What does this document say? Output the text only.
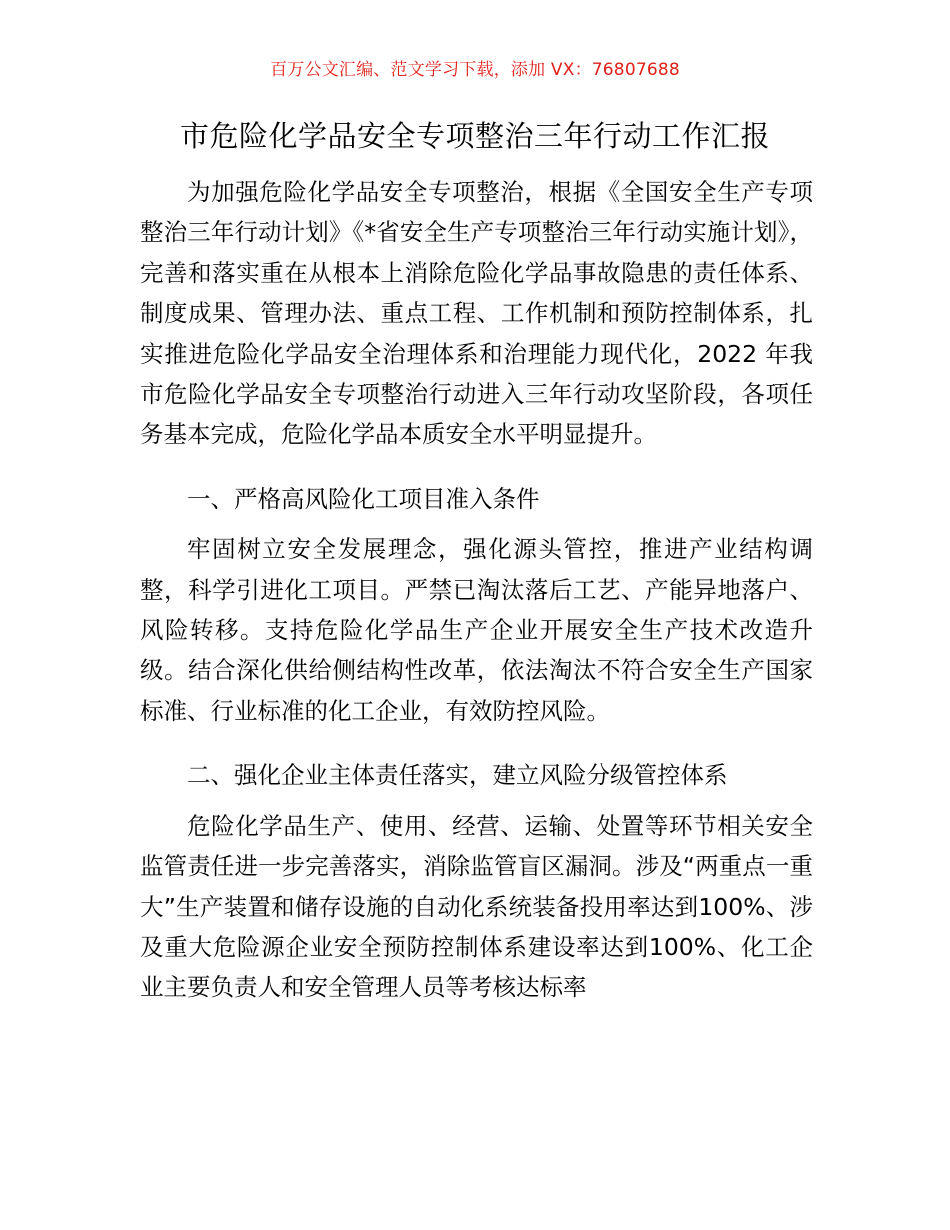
百万公文汇编、范文学习下载，添加 VX：76807688
市危险化学品安全专项整治三年行动工作汇报

为加强危险化学品安全专项整治，根据《全国安全生产专项整治三年行动计划》《*省安全生产专项整治三年行动实施计划》，完善和落实重在从根本上消除危险化学品事故隐患的责任体系、制度成果、管理办法、重点工程、工作机制和预防控制体系，扎实推进危险化学品安全治理体系和治理能力现代化，2022 年我市危险化学品安全专项整治行动进入三年行动攻坚阶段，各项任务基本完成，危险化学品本质安全水平明显提升。

一、严格高风险化工项目准入条件

牢固树立安全发展理念，强化源头管控，推进产业结构调整，科学引进化工项目。严禁已淘汰落后工艺、产能异地落户、风险转移。支持危险化学品生产企业开展安全生产技术改造升级。结合深化供给侧结构性改革，依法淘汰不符合安全生产国家标准、行业标准的化工企业，有效防控风险。

二、强化企业主体责任落实，建立风险分级管控体系

危险化学品生产、使用、经营、运输、处置等环节相关安全监管责任进一步完善落实，消除监管盲区漏洞。涉及“两重点一重大”生产装置和储存设施的自动化系统装备投用率达到100%、涉及重大危险源企业安全预防控制体系建设率达到100%、化工企业主要负责人和安全管理人员等考核达标率
